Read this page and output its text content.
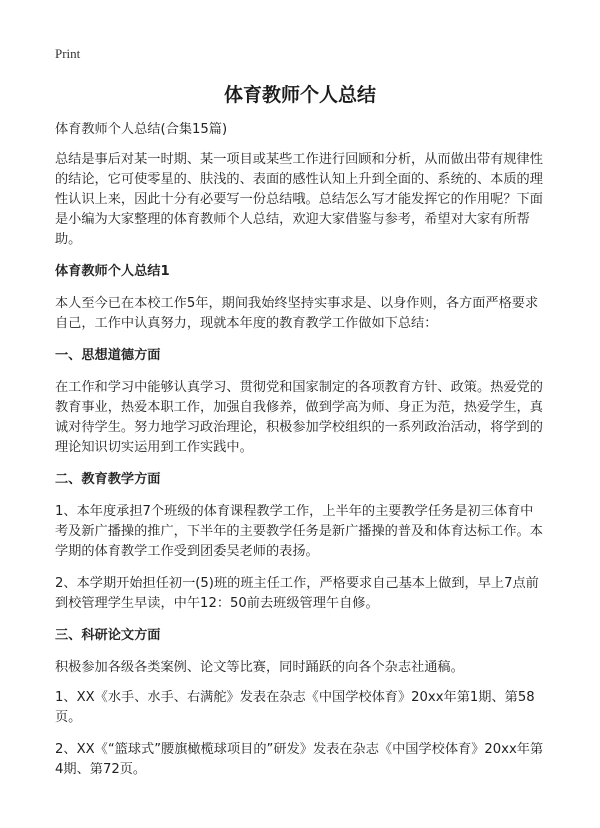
Print
体育教师个人总结

体育教师个人总结(合集15篇)

总结是事后对某一时期、某一项目或某些工作进行回顾和分析，从而做出带有规律性的结论，它可使零星的、肤浅的、表面的感性认知上升到全面的、系统的、本质的理性认识上来，因此十分有必要写一份总结哦。总结怎么写才能发挥它的作用呢？下面是小编为大家整理的体育教师个人总结，欢迎大家借鉴与参考，希望对大家有所帮助。

体育教师个人总结1

本人至今已在本校工作5年，期间我始终坚持实事求是、以身作则，各方面严格要求自己，工作中认真努力，现就本年度的教育教学工作做如下总结：

一、思想道德方面

在工作和学习中能够认真学习、贯彻党和国家制定的各项教育方针、政策。热爱党的教育事业，热爱本职工作，加强自我修养，做到学高为师、身正为范，热爱学生，真诚对待学生。努力地学习政治理论，积极参加学校组织的一系列政治活动，将学到的理论知识切实运用到工作实践中。

二、教育教学方面

1、本年度承担7个班级的体育课程教学工作，上半年的主要教学任务是初三体育中考及新广播操的推广，下半年的主要教学任务是新广播操的普及和体育达标工作。本学期的体育教学工作受到团委吴老师的表扬。

2、本学期开始担任初一(5)班的班主任工作，严格要求自己基本上做到，早上7点前到校管理学生早读，中午12：50前去班级管理午自修。

三、科研论文方面

积极参加各级各类案例、论文等比赛，同时踊跃的向各个杂志社通稿。

1、XX《水手、水手、右满舵》发表在杂志《中国学校体育》20xx年第1期、第58页。

2、XX《“篮球式”腰旗橄榄球项目的”研发》发表在杂志《中国学校体育》20xx年第4期、第72页。
